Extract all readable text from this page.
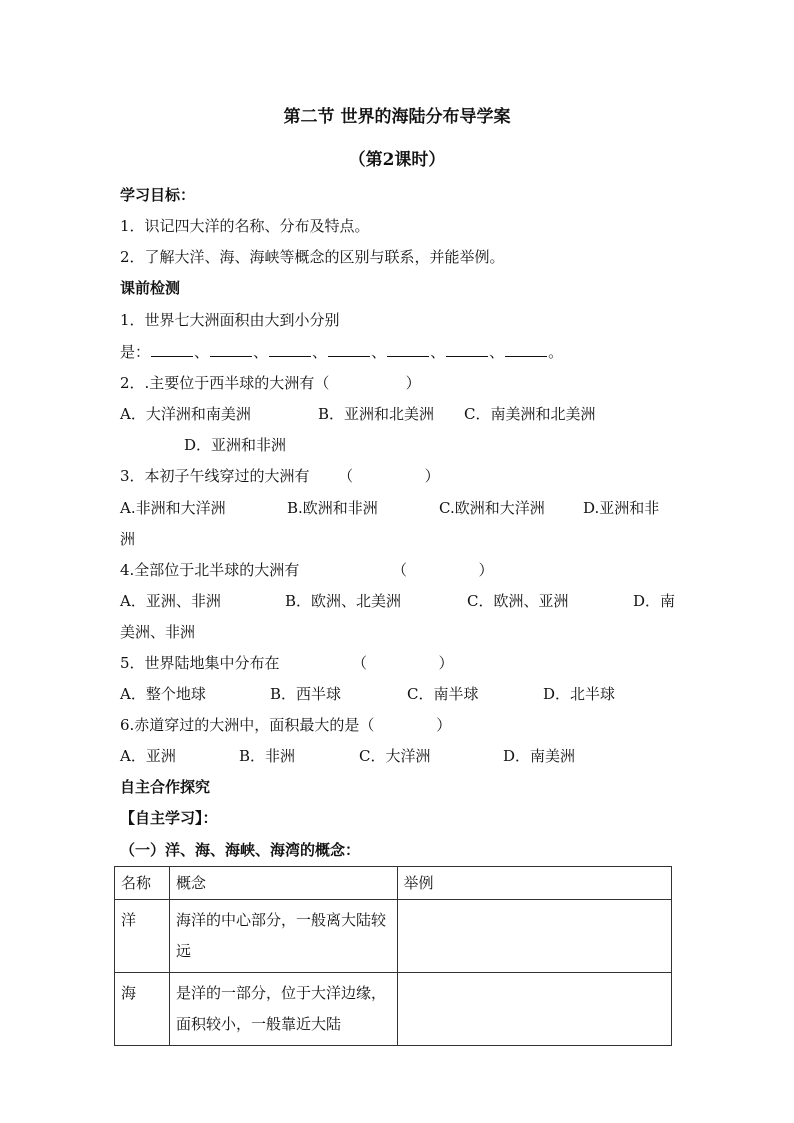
第二节 世界的海陆分布导学案
（第2课时）
学习目标：
1．识记四大洋的名称、分布及特点。
2．了解大洋、海、海峡等概念的区别与联系，并能举例。
课前检测
1．世界七大洲面积由大到小分别
是：	、	、	、	、	、	、	。
2．.主要位于西半球的大洲有（                ）
A．大洋洲和南美洲	B．亚洲和北美洲 C．南美洲和北美洲
D．亚洲和非洲
3．本初子午线穿过的大洲有      （               ）
A.非洲和大洋洲	B.欧洲和非洲	C.欧洲和大洋洲	D.亚洲和非
洲
4.全部位于北半球的大洲有	（               ）
A．亚洲、非洲	B．欧洲、北美洲	C．欧洲、亚洲	D．南
美洲、非洲
5．世界陆地集中分布在	（               ）
A．整个地球	B．西半球	C．南半球	D．北半球
6.赤道穿过的大洲中，面积最大的是（             ）
A．亚洲	B．非洲	C．大洋洲	D．南美洲
自主合作探究
【自主学习】：
（一）洋、海、海峡、海湾的概念：
名称	概念	举例
洋	海洋的中心部分，一般离大陆较远	
海	是洋的一部分，位于大洋边缘，面积较小，一般靠近大陆	
